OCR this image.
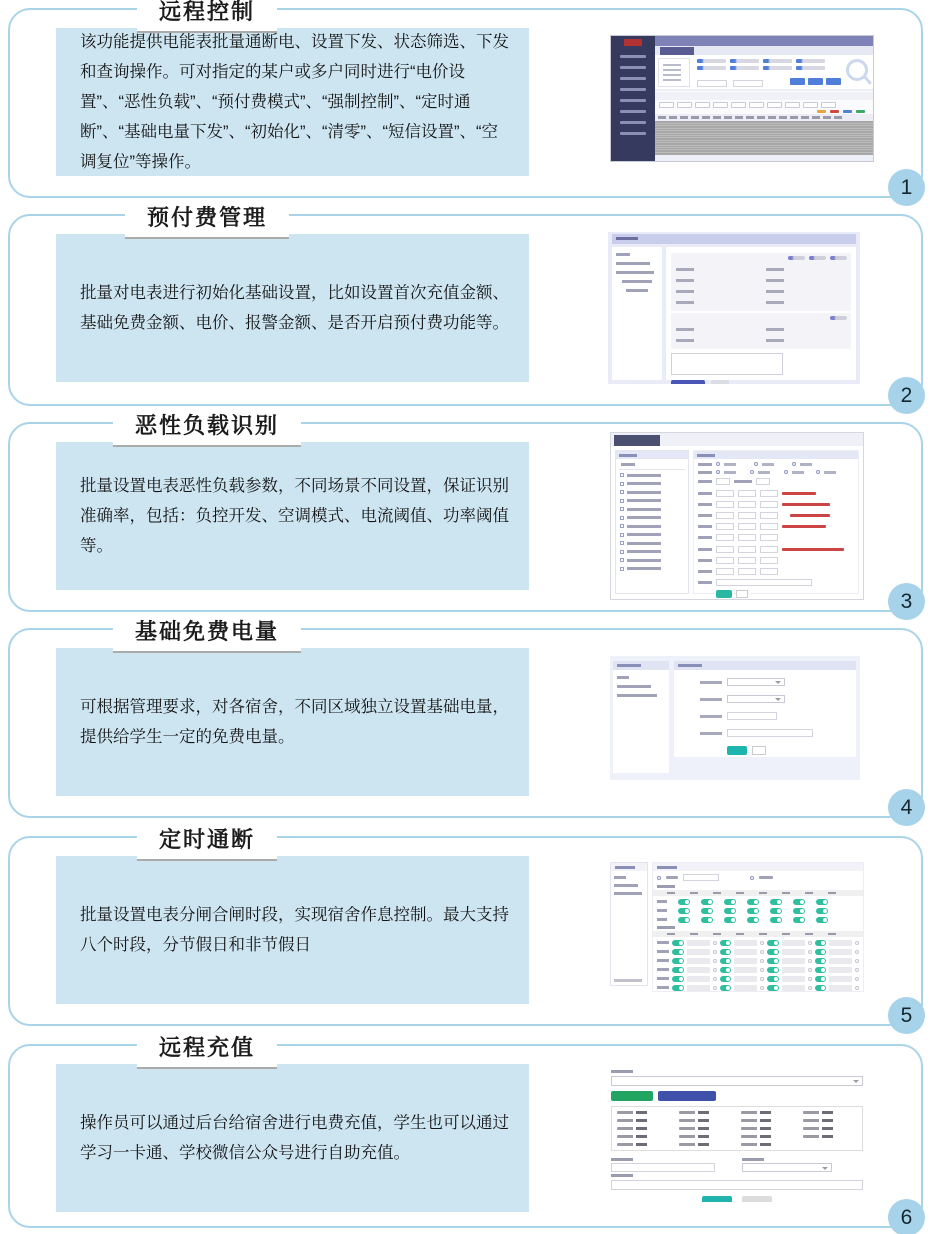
远程控制

该功能提供电能表批量通断电、设置下发、状态筛选、下发和查询操作。可对指定的某户或多户同时进行“电价设置”、“恶性负载”、“预付费模式”、“强制控制”、“定时通断”、“基础电量下发”、“初始化”、“清零”、“短信设置”、“空调复位”等操作。

1
预付费管理

批量对电表进行初始化基础设置，比如设置首次充值金额、基础免费金额、电价、报警金额、是否开启预付费功能等。

2
恶性负载识别

批量设置电表恶性负载参数，不同场景不同设置，保证识别准确率，包括：负控开发、空调模式、电流阈值、功率阈值等。

3
基础免费电量

可根据管理要求，对各宿舍，不同区域独立设置基础电量，提供给学生一定的免费电量。

4
定时通断

批量设置电表分闸合闸时段，实现宿舍作息控制。最大支持八个时段，分节假日和非节假日

5
远程充值

操作员可以通过后台给宿舍进行电费充值，学生也可以通过学习一卡通、学校微信公众号进行自助充值。

6
